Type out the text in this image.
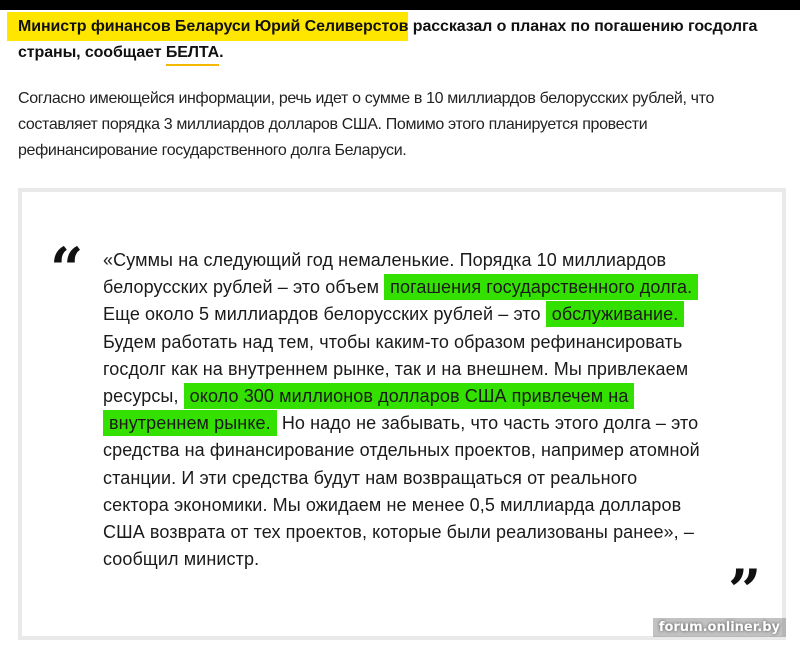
Министр финансов Беларуси Юрий Селиверстов рассказал о планах по погашению госдолга страны, сообщает БЕЛТА.
Согласно имеющейся информации, речь идет о сумме в 10 миллиардов белорусских рублей, что составляет порядка 3 миллиардов долларов США. Помимо этого планируется провести рефинансирование государственного долга Беларуси.
“ «Суммы на следующий год немаленькие. Порядка 10 миллиардов белорусских рублей – это объем погашения государственного долга. Еще около 5 миллиардов белорусских рублей – это обслуживание. Будем работать над тем, чтобы каким-то образом рефинансировать госдолг как на внутреннем рынке, так и на внешнем. Мы привлекаем ресурсы, около 300 миллионов долларов США привлечем на внутреннем рынке. Но надо не забывать, что часть этого долга – это средства на финансирование отдельных проектов, например атомной станции. И эти средства будут нам возвращаться от реального сектора экономики. Мы ожидаем не менее 0,5 миллиарда долларов США возврата от тех проектов, которые были реализованы ранее», – сообщил министр.	”
forum.onliner.by
